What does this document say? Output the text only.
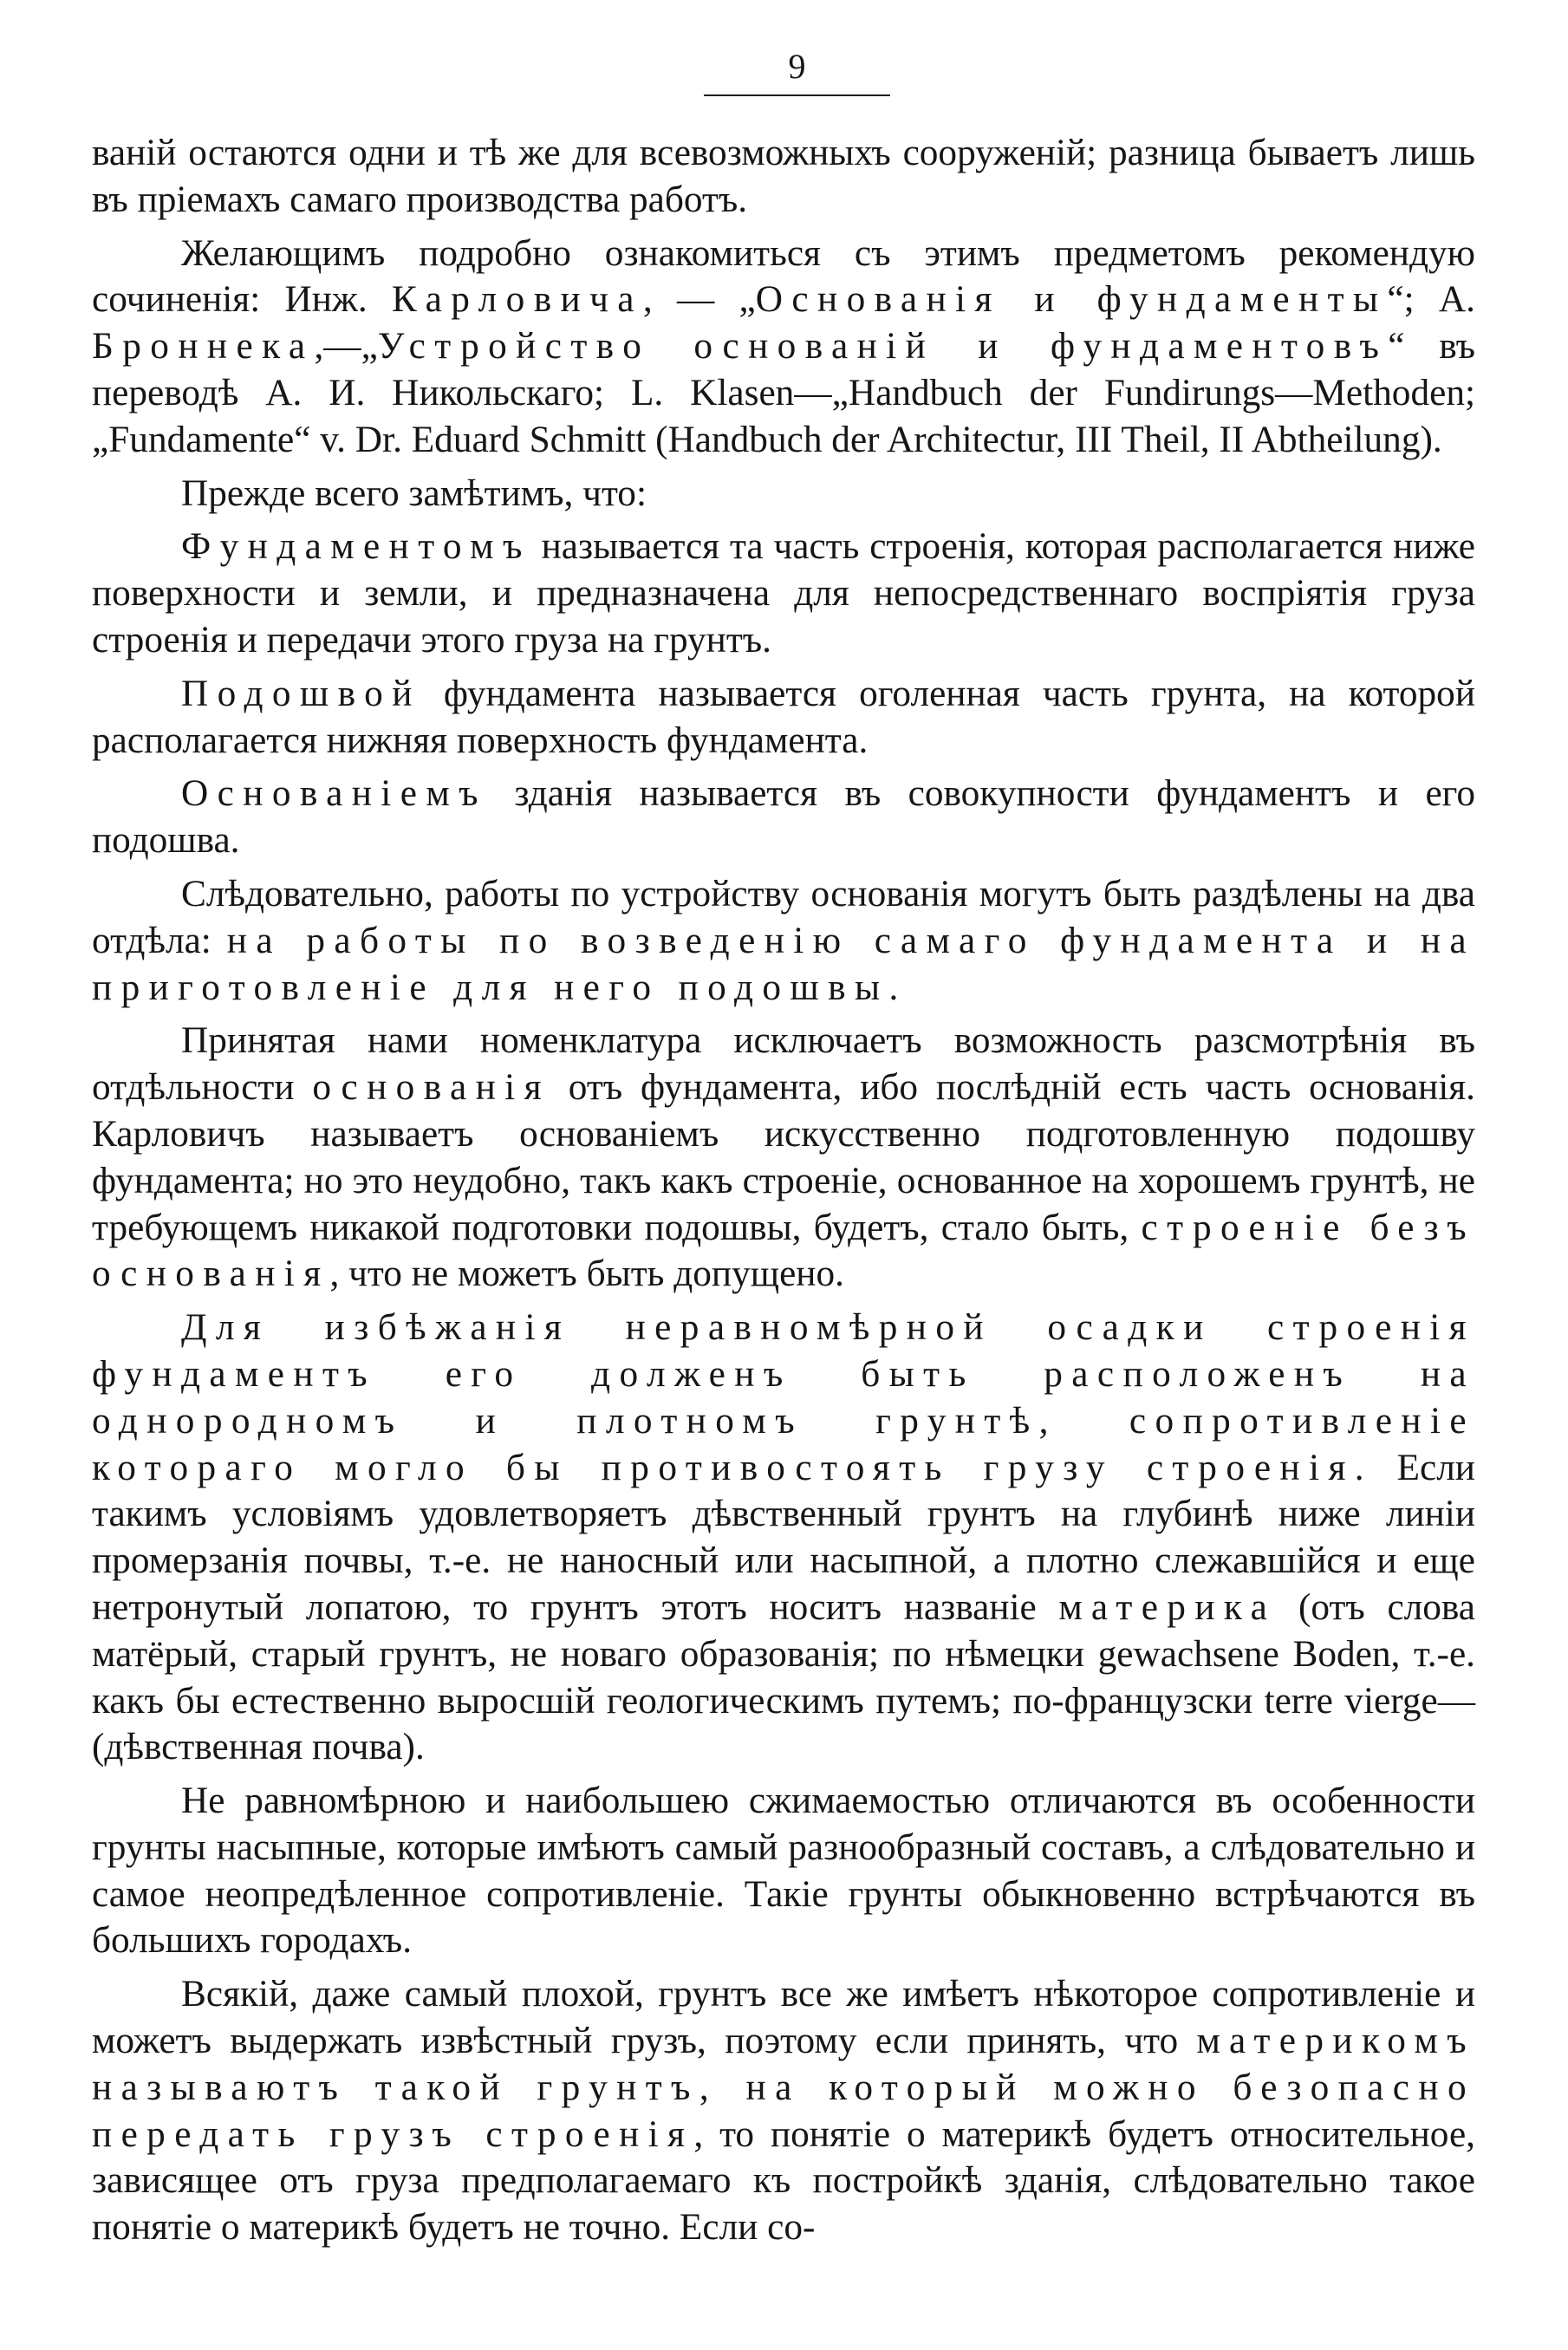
9

ваній остаются одни и тѣ же для всевозможныхъ сооруженій; разница бываетъ лишь въ пріемахъ самаго производства работъ.

Желающимъ подробно ознакомиться съ этимъ предметомъ рекомендую сочиненія: Инж. Карловича, — „Основанія и фундаменты“; А. Броннека,—„Устройство основаній и фундаментовъ“ въ переводѣ А. И. Никольскаго; L. Klasen—„Handbuch der Fundirungs—Methoden; „Fundamente“ v. Dr. Eduard Schmitt (Handbuch der Architectur, III Theil, II Abtheilung).

Прежде всего замѣтимъ, что:

Фундаментомъ называется та часть строенія, которая располагается ниже поверхности и земли, и предназначена для непосредственнаго воспріятія груза строенія и передачи этого груза на грунтъ.

Подошвой фундамента называется оголенная часть грунта, на которой располагается нижняя поверхность фундамента.

Основаніемъ зданія называется въ совокупности фундаментъ и его подошва.

Слѣдовательно, работы по устройству основанія могутъ быть раздѣлены на два отдѣла: на работы по возведенію самаго фундамента и на приготовленіе для него подошвы.

Принятая нами номенклатура исключаетъ возможность разсмотрѣнія въ отдѣльности основанія отъ фундамента, ибо послѣдній есть часть основанія. Карловичъ называетъ основаніемъ искусственно подготовленную подошву фундамента; но это неудобно, такъ какъ строеніе, основанное на хорошемъ грунтѣ, не требующемъ никакой подготовки подошвы, будетъ, стало быть, строеніе безъ основанія, что не можетъ быть допущено.

Для избѣжанія неравномѣрной осадки строенія фундаментъ его долженъ быть расположенъ на однородномъ и плотномъ грунтѣ, сопротивленіе котораго могло бы противостоять грузу строенія. Если такимъ условіямъ удовлетворяетъ дѣвственный грунтъ на глубинѣ ниже линіи промерзанія почвы, т.-е. не наносный или насыпной, а плотно слежавшійся и еще нетронутый лопатою, то грунтъ этотъ носитъ названіе материка (отъ слова матёрый, старый грунтъ, не новаго образованія; по нѣмецки gewachsene Boden, т.-е. какъ бы естественно выросшій геологическимъ путемъ; по-французски terre vierge—(дѣвственная почва).

Не равномѣрною и наибольшею сжимаемостью отличаются въ особенности грунты насыпные, которые имѣютъ самый разнообразный составъ, а слѣдовательно и самое неопредѣленное сопротивленіе. Такіе грунты обыкновенно встрѣчаются въ большихъ городахъ.

Всякій, даже самый плохой, грунтъ все же имѣетъ нѣкоторое сопротивленіе и можетъ выдержать извѣстный грузъ, поэтому если принять, что материкомъ называютъ такой грунтъ, на который можно безопасно передать грузъ строенія, то понятіе о материкѣ будетъ относительное, зависящее отъ груза предполагаемаго къ постройкѣ зданія, слѣдовательно такое понятіе о материкѣ будетъ не точно. Если со-
